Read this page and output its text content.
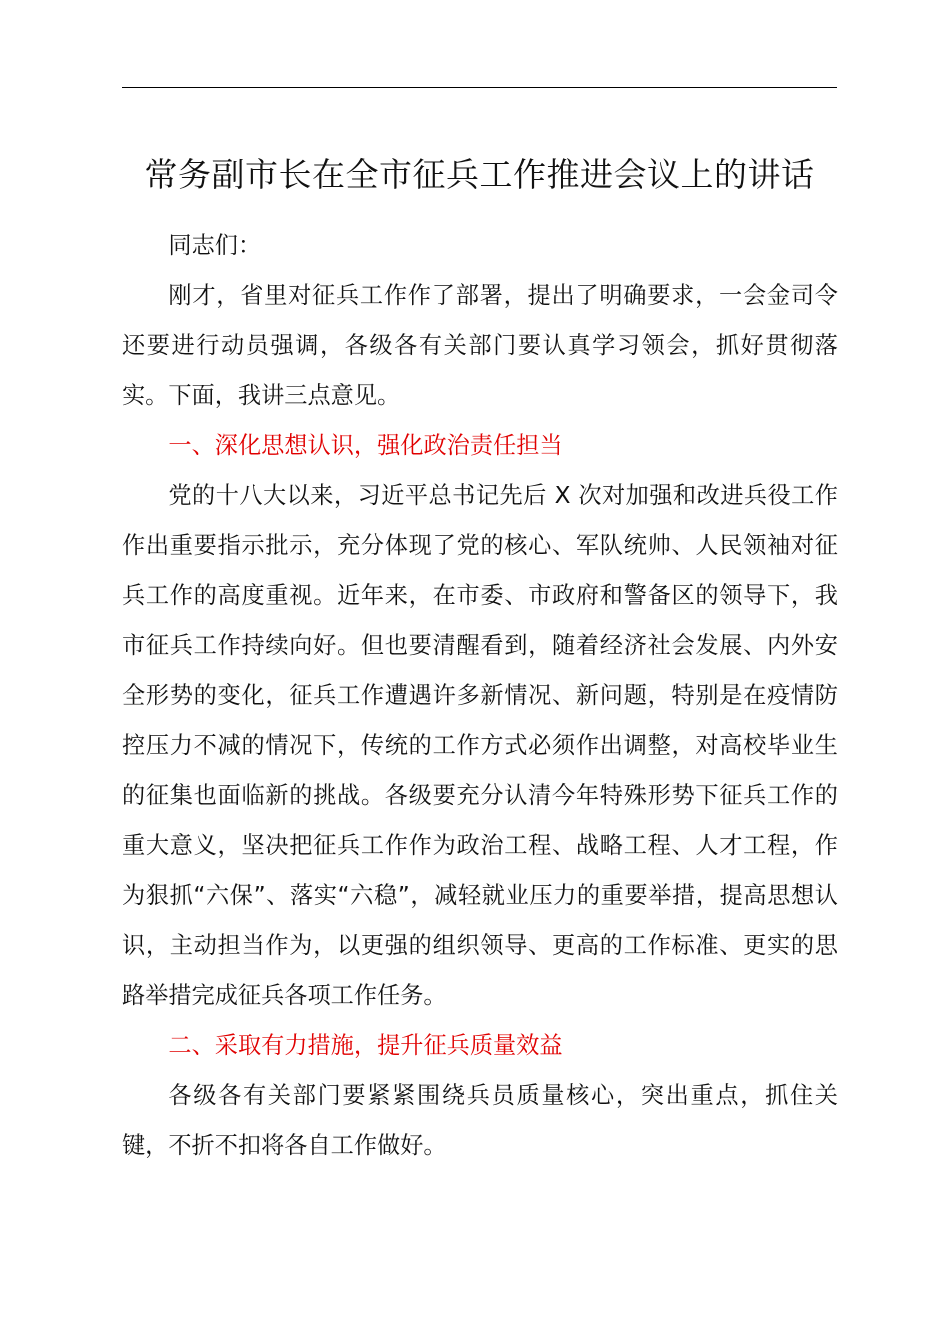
常务副市长在全市征兵工作推进会议上的讲话

同志们：

刚才，省里对征兵工作作了部署，提出了明确要求，一会金司令还要进行动员强调，各级各有关部门要认真学习领会，抓好贯彻落实。下面，我讲三点意见。

一、深化思想认识，强化政治责任担当

党的十八大以来，习近平总书记先后 X 次对加强和改进兵役工作作出重要指示批示，充分体现了党的核心、军队统帅、人民领袖对征兵工作的高度重视。近年来，在市委、市政府和警备区的领导下，我市征兵工作持续向好。但也要清醒看到，随着经济社会发展、内外安全形势的变化，征兵工作遭遇许多新情况、新问题，特别是在疫情防控压力不减的情况下，传统的工作方式必须作出调整，对高校毕业生的征集也面临新的挑战。各级要充分认清今年特殊形势下征兵工作的重大意义，坚决把征兵工作作为政治工程、战略工程、人才工程，作为狠抓“六保”、落实“六稳”，减轻就业压力的重要举措，提高思想认识，主动担当作为，以更强的组织领导、更高的工作标准、更实的思路举措完成征兵各项工作任务。

二、采取有力措施，提升征兵质量效益

各级各有关部门要紧紧围绕兵员质量核心，突出重点，抓住关键，不折不扣将各自工作做好。
